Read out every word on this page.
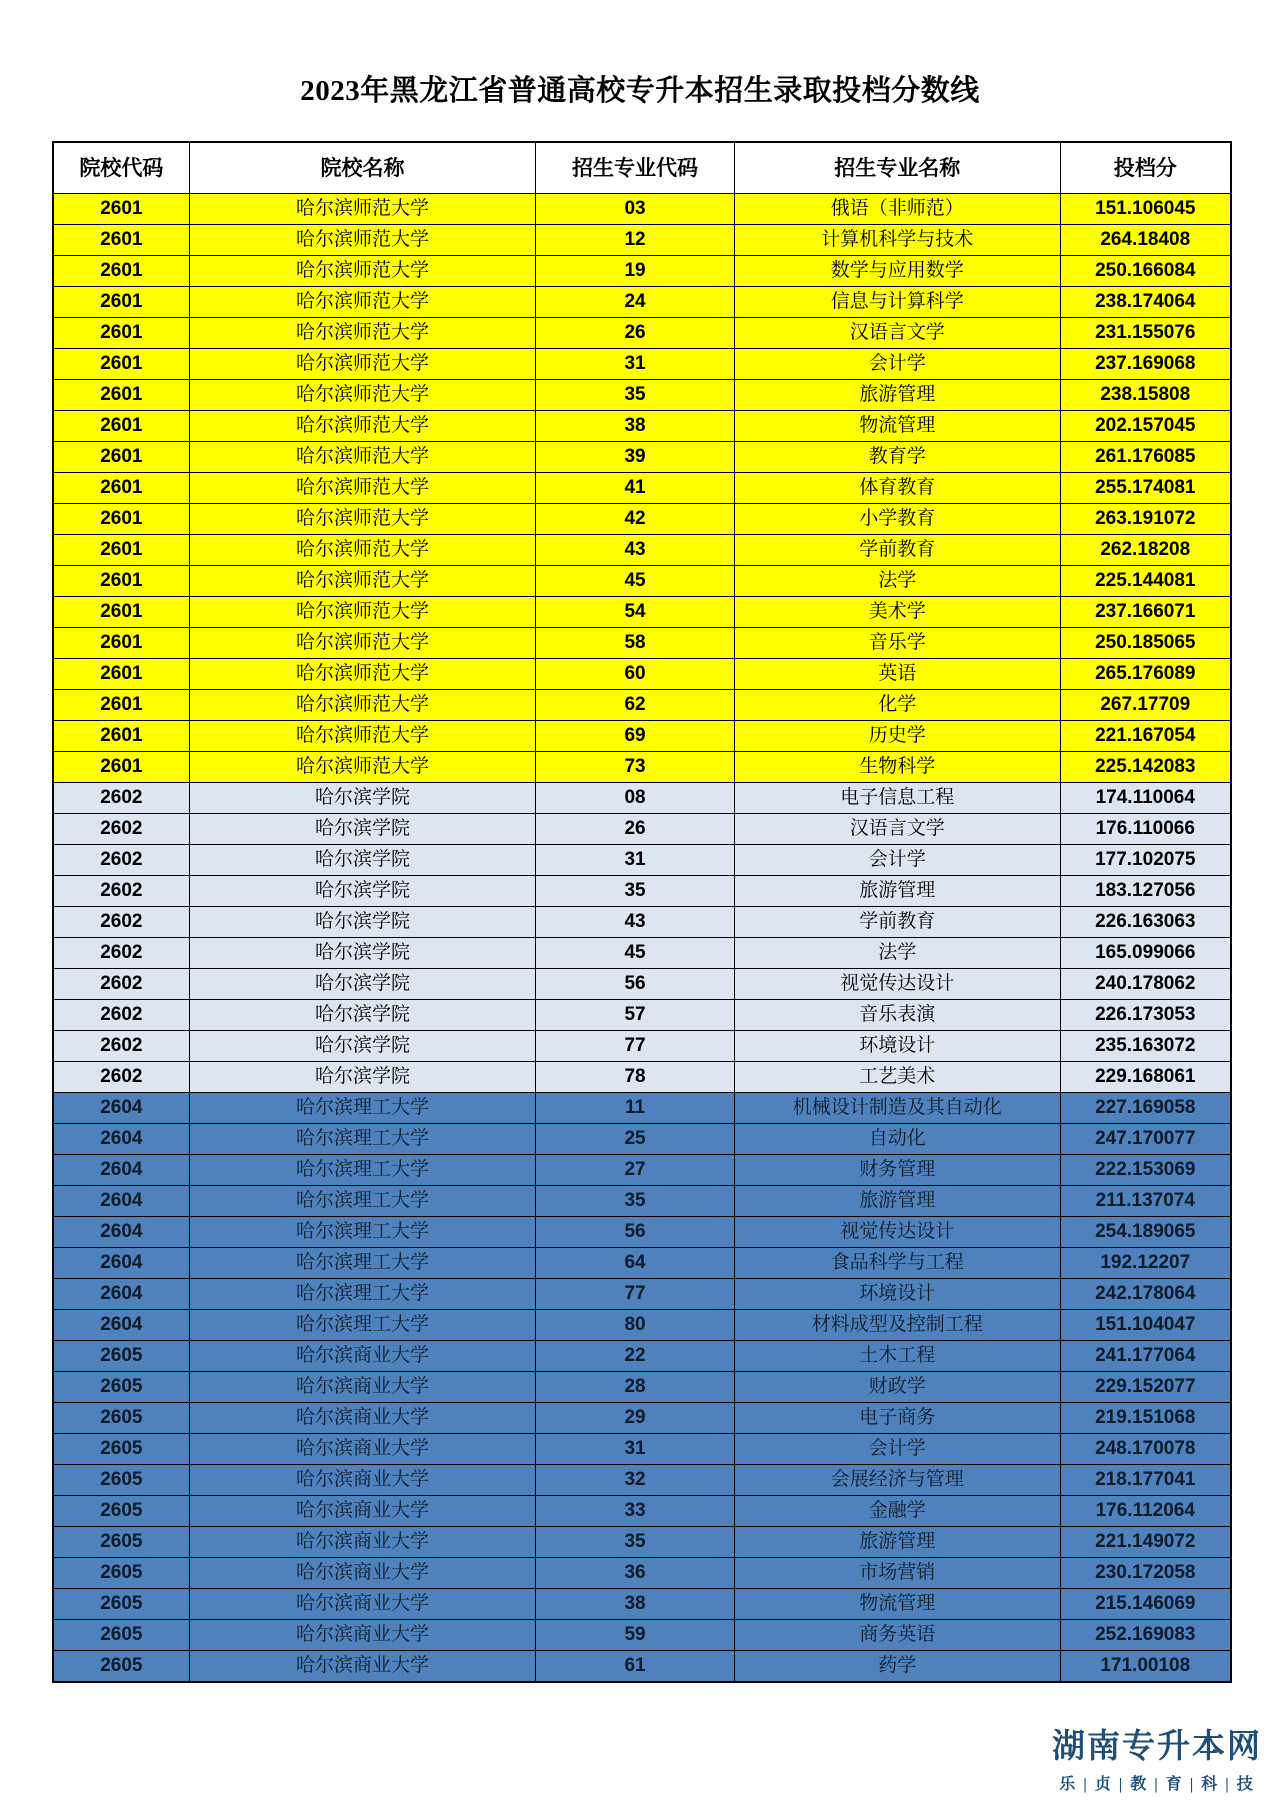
2023年黑龙江省普通高校专升本招生录取投档分数线
院校代码	院校名称	招生专业代码	招生专业名称	投档分
2601	哈尔滨师范大学	03	俄语（非师范）	151.106045
2601	哈尔滨师范大学	12	计算机科学与技术	264.18408
2601	哈尔滨师范大学	19	数学与应用数学	250.166084
2601	哈尔滨师范大学	24	信息与计算科学	238.174064
2601	哈尔滨师范大学	26	汉语言文学	231.155076
2601	哈尔滨师范大学	31	会计学	237.169068
2601	哈尔滨师范大学	35	旅游管理	238.15808
2601	哈尔滨师范大学	38	物流管理	202.157045
2601	哈尔滨师范大学	39	教育学	261.176085
2601	哈尔滨师范大学	41	体育教育	255.174081
2601	哈尔滨师范大学	42	小学教育	263.191072
2601	哈尔滨师范大学	43	学前教育	262.18208
2601	哈尔滨师范大学	45	法学	225.144081
2601	哈尔滨师范大学	54	美术学	237.166071
2601	哈尔滨师范大学	58	音乐学	250.185065
2601	哈尔滨师范大学	60	英语	265.176089
2601	哈尔滨师范大学	62	化学	267.17709
2601	哈尔滨师范大学	69	历史学	221.167054
2601	哈尔滨师范大学	73	生物科学	225.142083
2602	哈尔滨学院	08	电子信息工程	174.110064
2602	哈尔滨学院	26	汉语言文学	176.110066
2602	哈尔滨学院	31	会计学	177.102075
2602	哈尔滨学院	35	旅游管理	183.127056
2602	哈尔滨学院	43	学前教育	226.163063
2602	哈尔滨学院	45	法学	165.099066
2602	哈尔滨学院	56	视觉传达设计	240.178062
2602	哈尔滨学院	57	音乐表演	226.173053
2602	哈尔滨学院	77	环境设计	235.163072
2602	哈尔滨学院	78	工艺美术	229.168061
2604	哈尔滨理工大学	11	机械设计制造及其自动化	227.169058
2604	哈尔滨理工大学	25	自动化	247.170077
2604	哈尔滨理工大学	27	财务管理	222.153069
2604	哈尔滨理工大学	35	旅游管理	211.137074
2604	哈尔滨理工大学	56	视觉传达设计	254.189065
2604	哈尔滨理工大学	64	食品科学与工程	192.12207
2604	哈尔滨理工大学	77	环境设计	242.178064
2604	哈尔滨理工大学	80	材料成型及控制工程	151.104047
2605	哈尔滨商业大学	22	土木工程	241.177064
2605	哈尔滨商业大学	28	财政学	229.152077
2605	哈尔滨商业大学	29	电子商务	219.151068
2605	哈尔滨商业大学	31	会计学	248.170078
2605	哈尔滨商业大学	32	会展经济与管理	218.177041
2605	哈尔滨商业大学	33	金融学	176.112064
2605	哈尔滨商业大学	35	旅游管理	221.149072
2605	哈尔滨商业大学	36	市场营销	230.172058
2605	哈尔滨商业大学	38	物流管理	215.146069
2605	哈尔滨商业大学	59	商务英语	252.169083
2605	哈尔滨商业大学	61	药学	171.00108
湖南专升本网
乐 | 贞 | 教 | 育 | 科 | 技
